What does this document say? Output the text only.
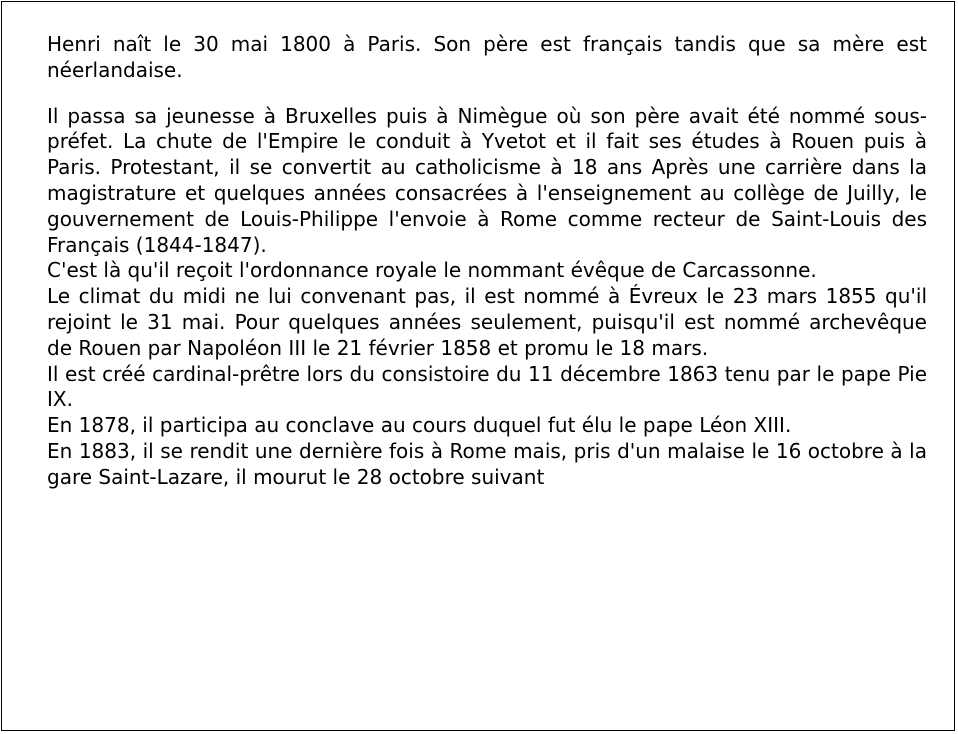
Henri naît le 30 mai 1800 à Paris. Son père est français tandis que sa mère est néerlandaise.

Il passa sa jeunesse à Bruxelles puis à Nimègue où son père avait été nommé sous-préfet. La chute de l'Empire le conduit à Yvetot et il fait ses études à Rouen puis à Paris. Protestant, il se convertit au catholicisme à 18 ans Après une carrière dans la magistrature et quelques années consacrées à l'enseignement au collège de Juilly, le gouvernement de Louis-Philippe l'envoie à Rome comme recteur de Saint-Louis des Français (1844-1847).

C'est là qu'il reçoit l'ordonnance royale le nommant évêque de Carcassonne.

Le climat du midi ne lui convenant pas, il est nommé à Évreux le 23 mars 1855 qu'il rejoint le 31 mai. Pour quelques années seulement, puisqu'il est nommé archevêque de Rouen par Napoléon III le 21 février 1858 et promu le 18 mars.

Il est créé cardinal-prêtre lors du consistoire du 11 décembre 1863 tenu par le pape Pie IX.

En 1878, il participa au conclave au cours duquel fut élu le pape Léon XIII.

En 1883, il se rendit une dernière fois à Rome mais, pris d'un malaise le 16 octobre à la gare Saint-Lazare, il mourut le 28 octobre suivant
